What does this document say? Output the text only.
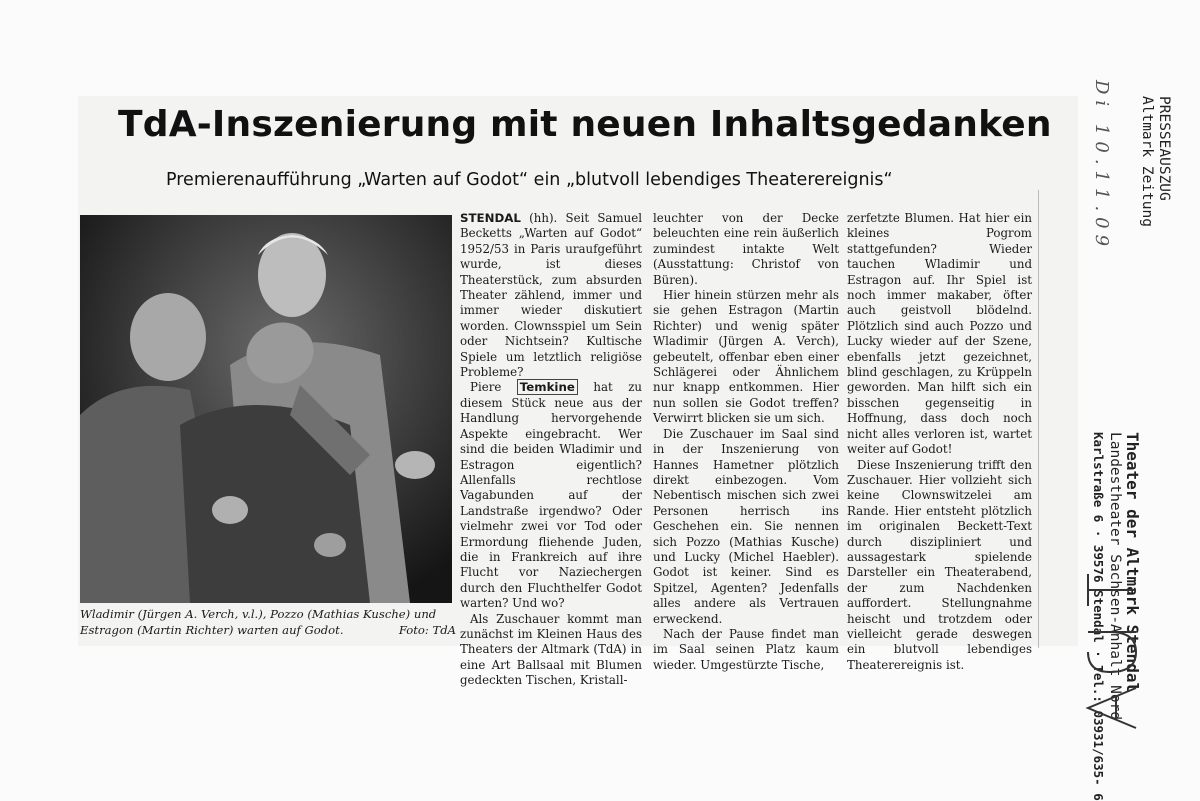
TdA-Inszenierung mit neuen Inhaltsgedanken
Premierenaufführung „Warten auf Godot“ ein „blutvoll lebendiges Theaterereignis“
Wladimir (Jürgen A. Verch, v.l.), Pozzo (Mathias Kusche) und
Estragon (Martin Richter) warten auf Godot.	Foto: TdA

STENDAL (hh). Seit Samuel Becketts „Warten auf Godot“ 1952/53 in Paris uraufgeführt wurde, ist dieses Theaterstück, zum absurden Theater zählend, immer und immer wieder diskutiert worden. Clownsspiel um Sein oder Nichtsein? Kultische Spiele um letztlich religiöse Probleme?

Piere Temkine hat zu diesem Stück neue aus der Handlung hervorgehende Aspekte eingebracht. Wer sind die beiden Wladimir und Estragon eigentlich? Allenfalls rechtlose Vagabunden auf der Landstraße irgendwo? Oder vielmehr zwei vor Tod oder Ermordung fliehende Juden, die in Frankreich auf ihre Flucht vor Naziechergen durch den Fluchthelfer Godot warten? Und wo?

Als Zuschauer kommt man zunächst im Kleinen Haus des Theaters der Altmark (TdA) in eine Art Ballsaal mit Blumen gedeckten Tischen, Kristall-

leuchter von der Decke beleuchten eine rein äußerlich zumindest intakte Welt (Ausstattung: Christof von Büren).

Hier hinein stürzen mehr als sie gehen Estragon (Martin Richter) und wenig später Wladimir (Jürgen A. Verch), gebeutelt, offenbar eben einer Schlägerei oder Ähnlichem nur knapp entkommen. Hier nun sollen sie Godot treffen? Verwirrt blicken sie um sich.

Die Zuschauer im Saal sind in der Inszenierung von Hannes Hametner plötzlich direkt einbezogen. Vom Nebentisch mischen sich zwei Personen herrisch ins Geschehen ein. Sie nennen sich Pozzo (Mathias Kusche) und Lucky (Michel Haebler). Godot ist keiner. Sind es Spitzel, Agenten? Jedenfalls alles andere als Vertrauen erweckend.

Nach der Pause findet man im Saal seinen Platz kaum wieder. Umgestürzte Tische,

zerfetzte Blumen. Hat hier ein kleines Pogrom stattgefunden? Wieder tauchen Wladimir und Estragon auf. Ihr Spiel ist noch immer makaber, öfter auch geistvoll blödelnd. Plötzlich sind auch Pozzo und Lucky wieder auf der Szene, ebenfalls jetzt gezeichnet, blind geschlagen, zu Krüppeln geworden. Man hilft sich ein bisschen gegenseitig in Hoffnung, dass doch noch nicht alles verloren ist, wartet weiter auf Godot!

Diese Inszenierung trifft den Zuschauer. Hier vollzieht sich keine Clownswitzelei am Rande. Hier entsteht plötzlich im originalen Beckett-Text durch diszipliniert und aussagestark spielende Darsteller ein Theaterabend, der zum Nachdenken auffordert. Stellungnahme heischt und trotzdem oder vielleicht gerade deswegen ein blutvoll lebendiges Theaterereignis ist.

PRESSEAUSZUG
Altmark Zeitung
Di 10.11.09
Theater der Altmark Stendal
Landestheater Sachsen-Anhalt Nord
Karlstraße 6 · 39576 Stendal · Tel.: 03931/635- 6
